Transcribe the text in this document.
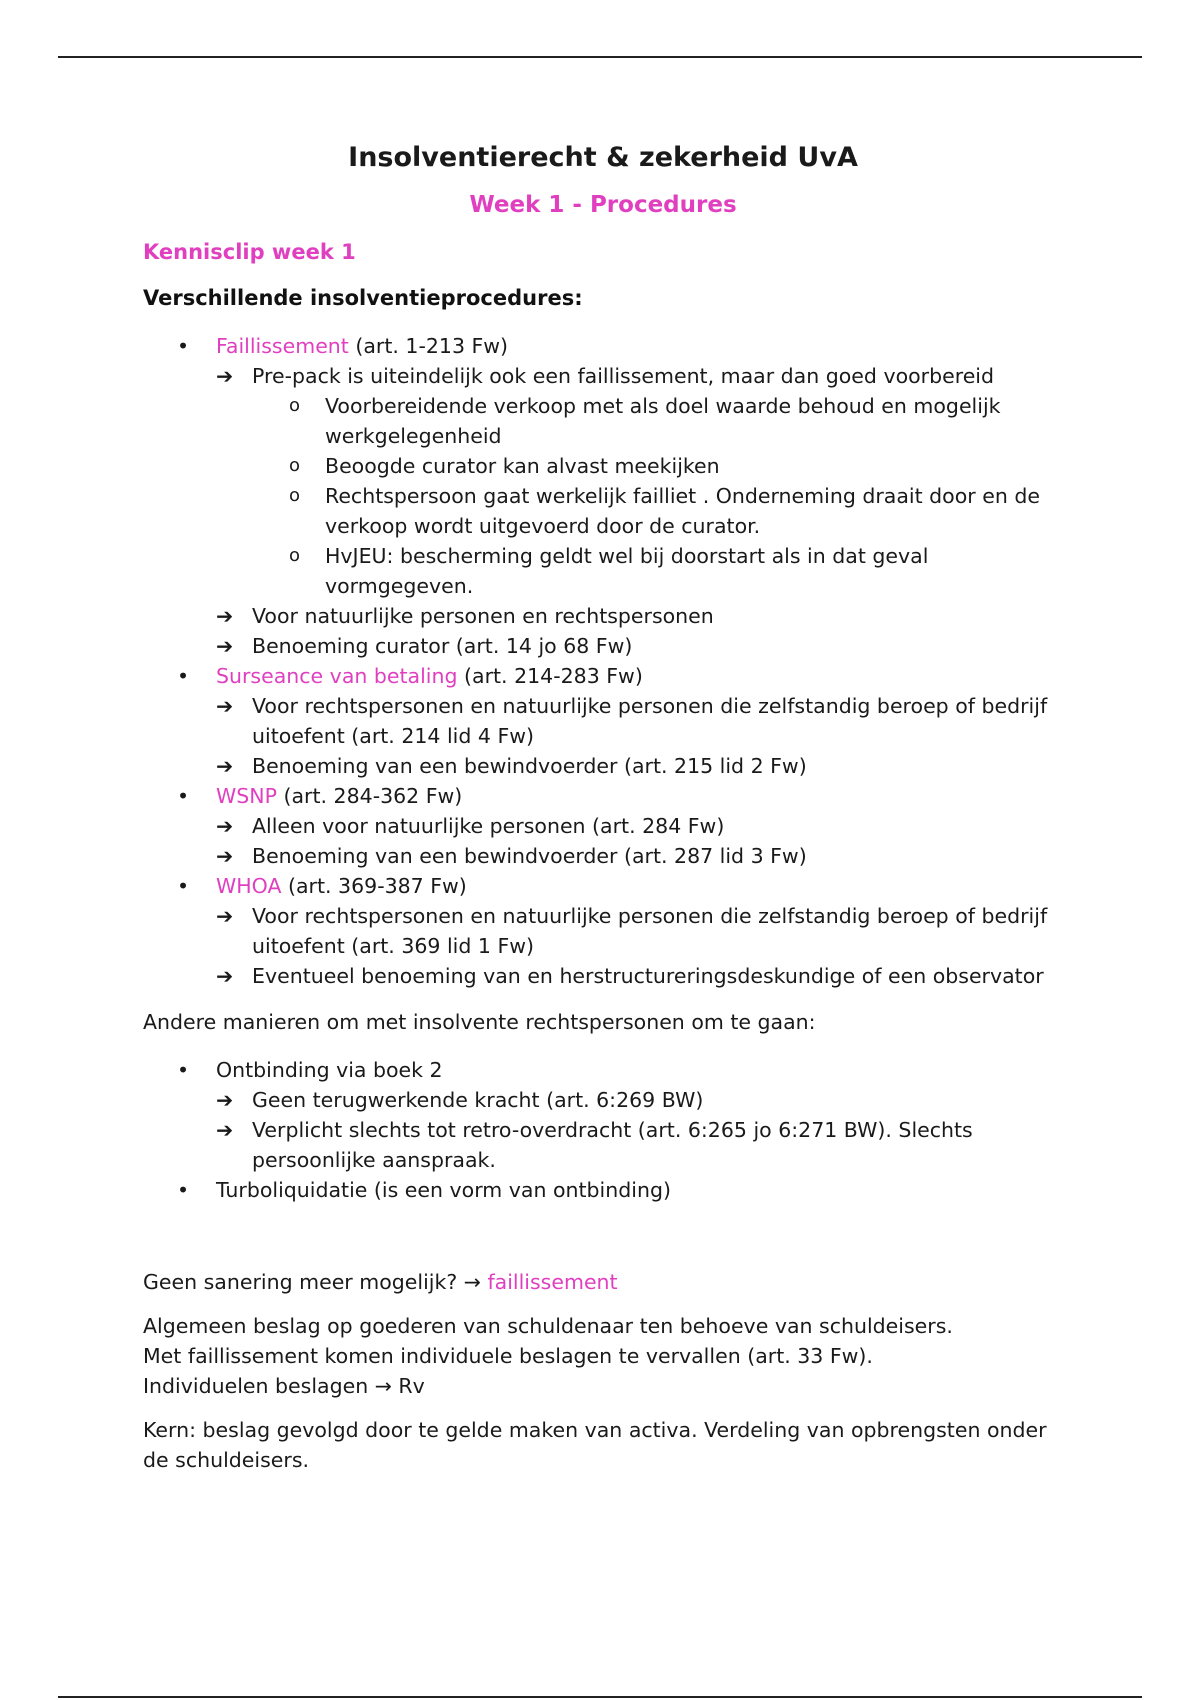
Insolventierecht & zekerheid UvA
Week 1 - Procedures
Kennisclip week 1
Verschillende insolventieprocedures:
• Faillissement (art. 1-213 Fw)
➔ Pre-pack is uiteindelijk ook een faillissement, maar dan goed voorbereid
o Voorbereidende verkoop met als doel waarde behoud en mogelijk werkgelegenheid
o Beoogde curator kan alvast meekijken
o Rechtspersoon gaat werkelijk failliet . Onderneming draait door en de verkoop wordt uitgevoerd door de curator.
o HvJEU: bescherming geldt wel bij doorstart als in dat geval vormgegeven.
➔ Voor natuurlijke personen en rechtspersonen
➔ Benoeming curator (art. 14 jo 68 Fw)
• Surseance van betaling (art. 214-283 Fw)
➔ Voor rechtspersonen en natuurlijke personen die zelfstandig beroep of bedrijf uitoefent (art. 214 lid 4 Fw)
➔ Benoeming van een bewindvoerder (art. 215 lid 2 Fw)
• WSNP (art. 284-362 Fw)
➔ Alleen voor natuurlijke personen (art. 284 Fw)
➔ Benoeming van een bewindvoerder (art. 287 lid 3 Fw)
• WHOA (art. 369-387 Fw)
➔ Voor rechtspersonen en natuurlijke personen die zelfstandig beroep of bedrijf uitoefent (art. 369 lid 1 Fw)
➔ Eventueel benoeming van en herstructureringsdeskundige of een observator

Andere manieren om met insolvente rechtspersonen om te gaan:

• Ontbinding via boek 2
➔ Geen terugwerkende kracht (art. 6:269 BW)
➔ Verplicht slechts tot retro-overdracht (art. 6:265 jo 6:271 BW). Slechts persoonlijke aanspraak.
• Turboliquidatie (is een vorm van ontbinding)

Geen sanering meer mogelijk? → faillissement

Algemeen beslag op goederen van schuldenaar ten behoeve van schuldeisers.

Met faillissement komen individuele beslagen te vervallen (art. 33 Fw).

Individuelen beslagen → Rv

Kern: beslag gevolgd door te gelde maken van activa. Verdeling van opbrengsten onder de schuldeisers.
